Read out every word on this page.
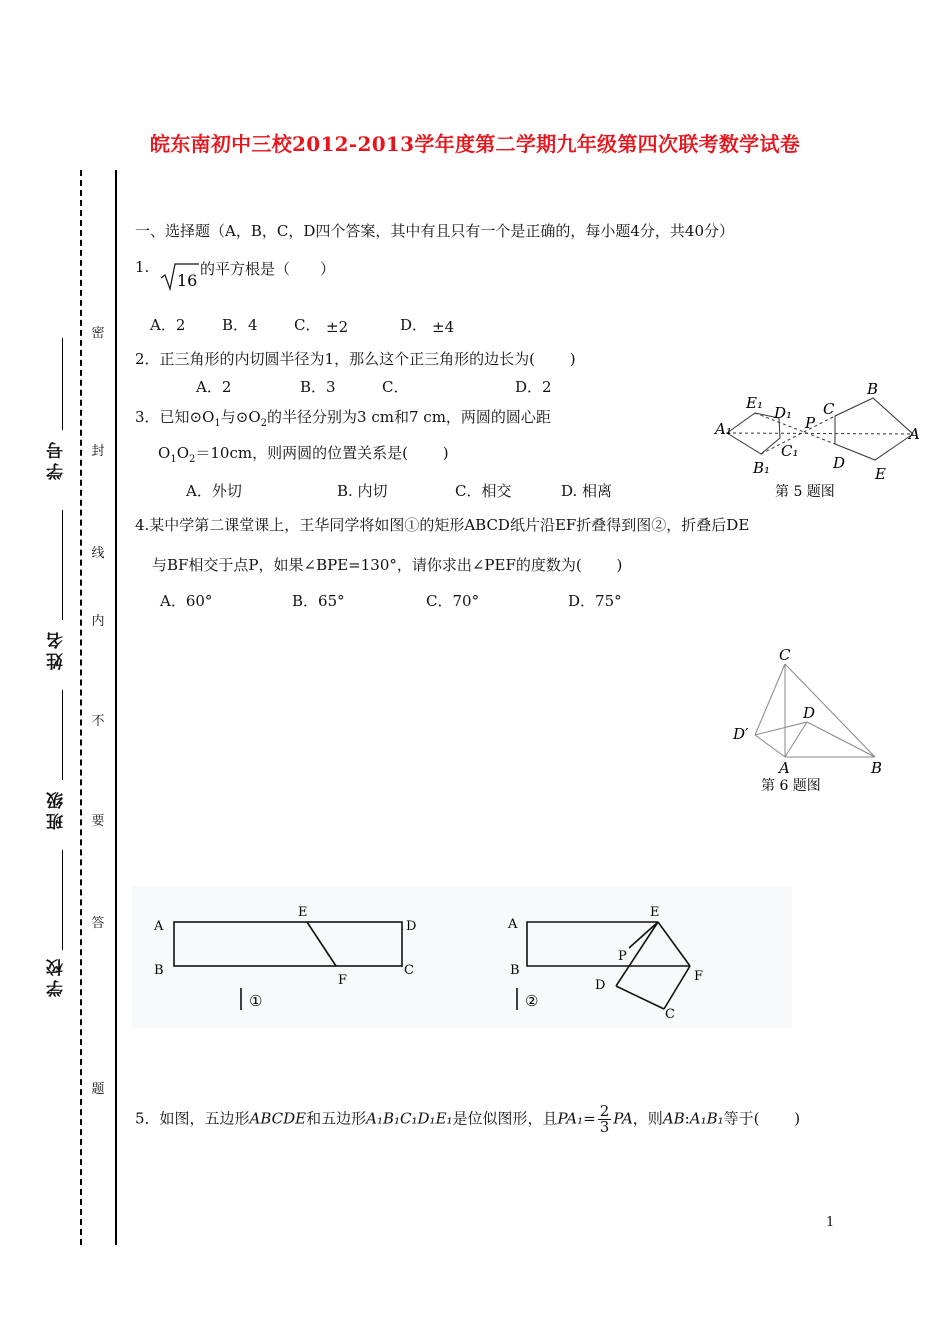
皖东南初中三校2012-2013学年度第二学期九年级第四次联考数学试卷
密
封
线
内
不
要
答
题
学号
姓名
班级
学校
一、选择题（A，B，C，D四个答案，其中有且只有一个是正确的，每小题4分，共40分）
1.
16
的平方根是（　　）
A．2 B．4 C． ±2	D． ±4
2．正三角形的内切圆半径为1，那么这个正三角形的边长为(　　 )
A．2	B．3	C．	D．2
3．已知$⊙O_1$与$⊙O_2$的半径分别为3 cm和7 cm，两圆的圆心距
$O_1O_2=10cm$，则两圆的位置关系是(　　 )
A．外切	B. 内切	C．相交	D. 相离
4.某中学第二课堂课上，王华同学将如图①的矩形ABCD纸片沿EF折叠得到图②，折叠后DE
与BF相交于点P，如果∠BPE=130°，请你求出∠PEF的度数为(　　 )
A．60°	B．65°	C．70°	D．75°
A₁
E₁
D₁
C₁
B₁
P
B
C
A
D
E
第 5 题图
C
D
D′
A	B
第 6 题图
A
B
E
D
C
F
①
A
B
E
P
F
D
C
②
5．如图，五边形ABCDE和五边形A₁B₁C₁D₁E₁是位似图形，且$PA_1= \frac{2}{3}$ PA，则AB:A₁B₁等于(　　 )
1
